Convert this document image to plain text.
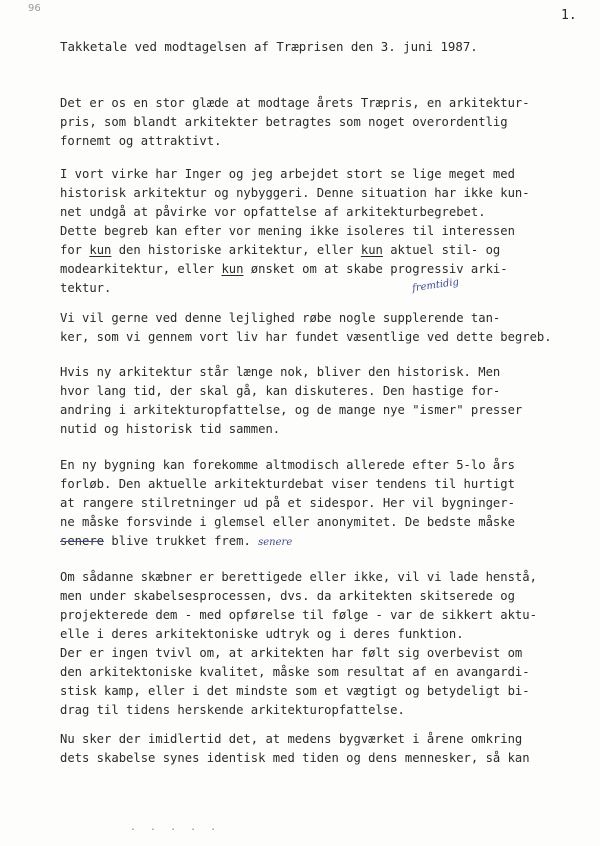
96	1.
Takketale ved modtagelsen af Træprisen den 3. juni 1987.
Det er os en stor glæde at modtage årets Træpris, en arkitektur-
pris, som blandt arkitekter betragtes som noget overordentlig
fornemt og attraktivt.
I vort virke har Inger og jeg arbejdet stort se lige meget med
historisk arkitektur og nybyggeri. Denne situation har ikke kun-
net undgå at påvirke vor opfattelse af arkitekturbegrebet.
Dette begreb kan efter vor mening ikke isoleres til interessen
for kun den historiske arkitektur, eller kun aktuel stil- og
modearkitektur, eller kun ønsket om at skabe progressiv arki-
tektur.	fremtidig
Vi vil gerne ved denne lejlighed røbe nogle supplerende tan-
ker, som vi gennem vort liv har fundet væsentlige ved dette begreb.
Hvis ny arkitektur står længe nok, bliver den historisk. Men
hvor lang tid, der skal gå, kan diskuteres. Den hastige for-
andring i arkitekturopfattelse, og de mange nye "ismer" presser
nutid og historisk tid sammen.
En ny bygning kan forekomme altmodisch allerede efter 5-lo års
forløb. Den aktuelle arkitekturdebat viser tendens til hurtigt
at rangere stilretninger ud på et sidespor. Her vil bygninger-
ne måske forsvinde i glemsel eller anonymitet. De bedste måske
senere blive trukket frem. senere
Om sådanne skæbner er berettigede eller ikke, vil vi lade henstå,
men under skabelsesprocessen, dvs. da arkitekten skitserede og
projekterede dem - med opførelse til følge - var de sikkert aktu-
elle i deres arkitektoniske udtryk og i deres funktion.
Der er ingen tvivl om, at arkitekten har følt sig overbevist om
den arkitektoniske kvalitet, måske som resultat af en avangardi-
stisk kamp, eller i det mindste som et vægtigt og betydeligt bi-
drag til tidens herskende arkitekturopfattelse.
Nu sker der imidlertid det, at medens bygværket i årene omkring
dets skabelse synes identisk med tiden og dens mennesker, så kan
. . . . .
